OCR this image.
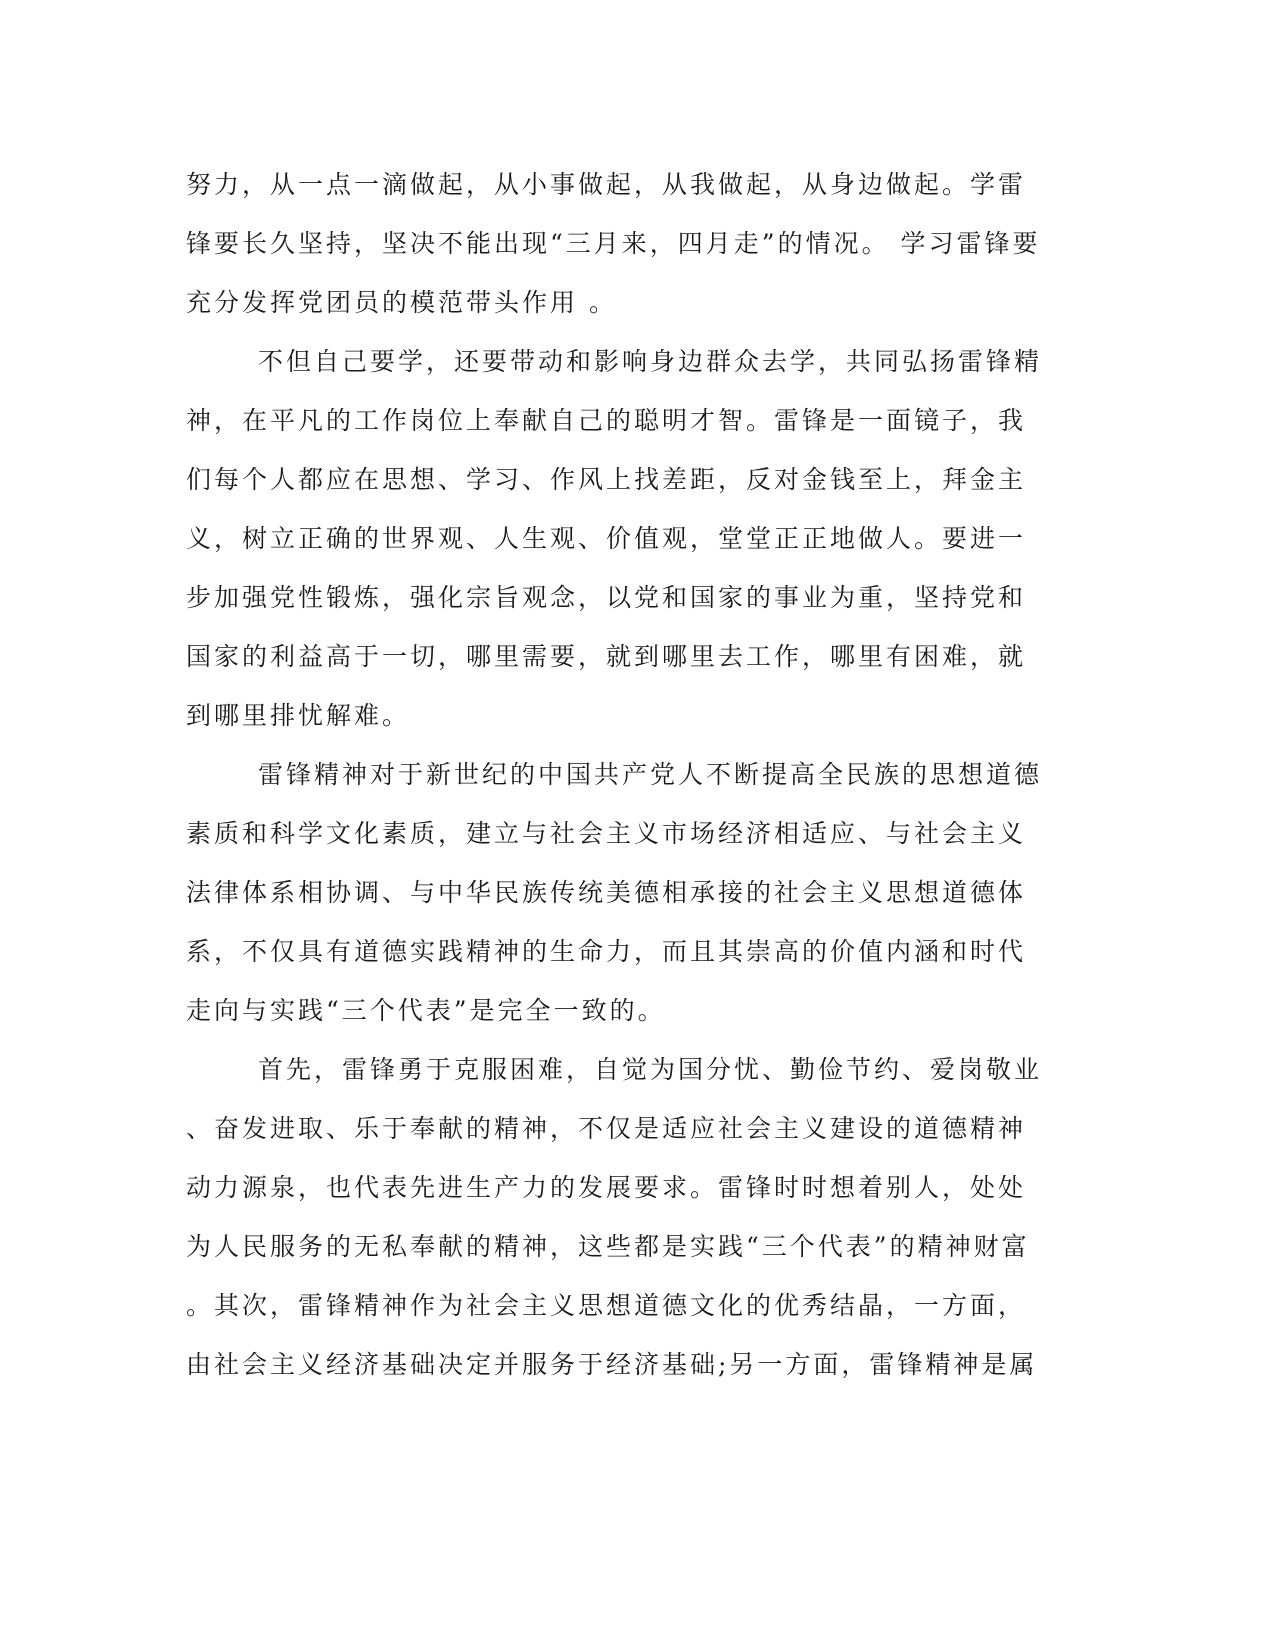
努力，从一点一滴做起，从小事做起，从我做起，从身边做起。学雷
锋要长久坚持，坚决不能出现“三月来，四月走”的情况。 学习雷锋要
充分发挥党团员的模范带头作用 。
不但自己要学，还要带动和影响身边群众去学，共同弘扬雷锋精
神，在平凡的工作岗位上奉献自己的聪明才智。雷锋是一面镜子，我
们每个人都应在思想、学习、作风上找差距，反对金钱至上，拜金主
义，树立正确的世界观、人生观、价值观，堂堂正正地做人。要进一
步加强党性锻炼，强化宗旨观念，以党和国家的事业为重，坚持党和
国家的利益高于一切，哪里需要，就到哪里去工作，哪里有困难，就
到哪里排忧解难。
雷锋精神对于新世纪的中国共产党人不断提高全民族的思想道德
素质和科学文化素质，建立与社会主义市场经济相适应、与社会主义
法律体系相协调、与中华民族传统美德相承接的社会主义思想道德体
系，不仅具有道德实践精神的生命力，而且其崇高的价值内涵和时代
走向与实践“三个代表”是完全一致的。
首先，雷锋勇于克服困难，自觉为国分忧、勤俭节约、爱岗敬业
、奋发进取、乐于奉献的精神，不仅是适应社会主义建设的道德精神
动力源泉，也代表先进生产力的发展要求。雷锋时时想着别人，处处
为人民服务的无私奉献的精神，这些都是实践“三个代表”的精神财富
。其次，雷锋精神作为社会主义思想道德文化的优秀结晶，一方面，
由社会主义经济基础决定并服务于经济基础;另一方面，雷锋精神是属
